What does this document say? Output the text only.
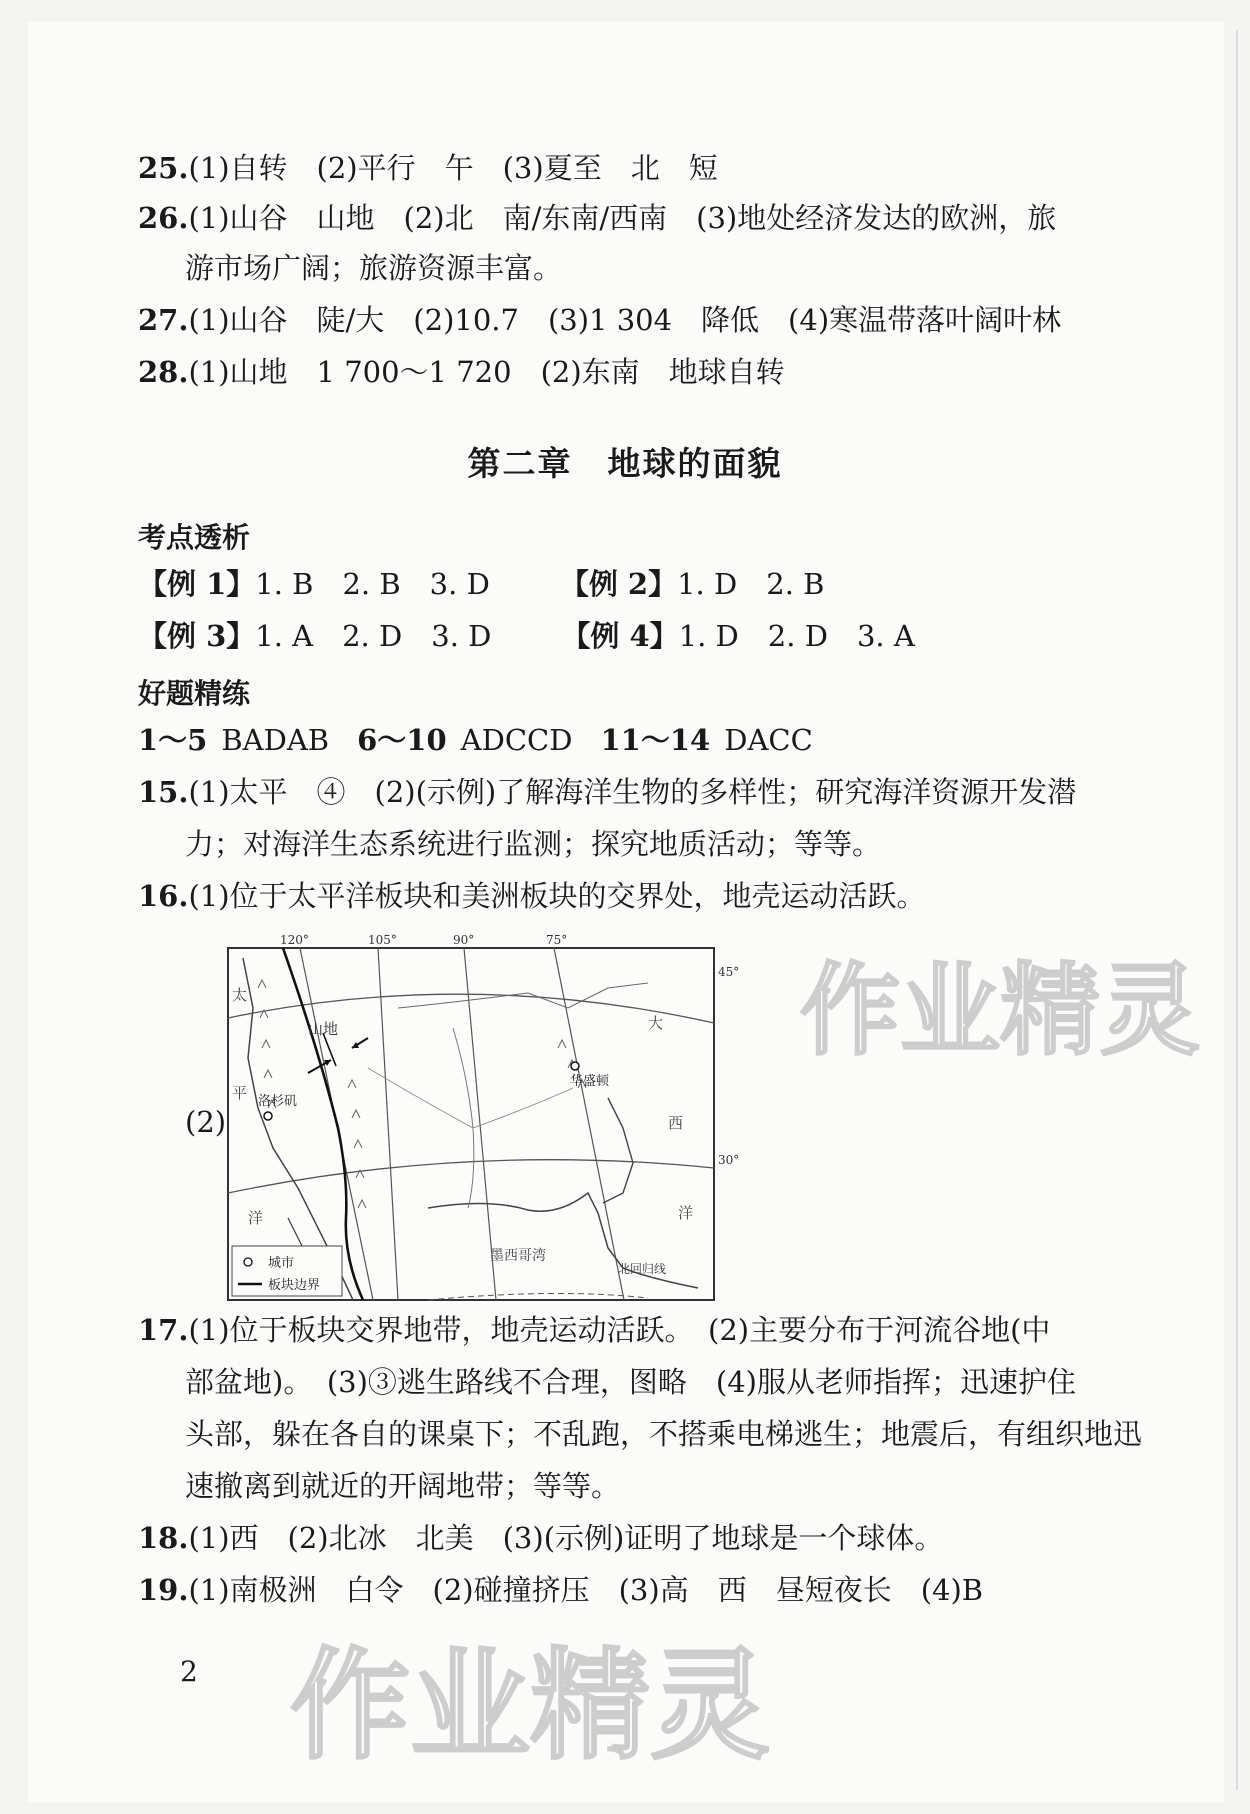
25.(1)自转　(2)平行　午　(3)夏至　北　短
26.(1)山谷　山地　(2)北　南/东南/西南　(3)地处经济发达的欧洲，旅
游市场广阔；旅游资源丰富。
27.(1)山谷　陡/大　(2)10.7　(3)1 304　降低　(4)寒温带落叶阔叶林
28.(1)山地　1 700～1 720　(2)东南　地球自转
第二章　地球的面貌
考点透析
【例 1】1. B　2. B　3. D 【例 2】1. D　2. B
【例 3】1. A　2. D　3. D 【例 4】1. D　2. D　3. A
好题精练
1～5 BADAB 6～10 ADCCD 11～14 DACC
15.(1)太平　④　(2)(示例)了解海洋生物的多样性；研究海洋资源开发潜
力；对海洋生态系统进行监测；探究地质活动；等等。
16.(1)位于太平洋板块和美洲板块的交界处，地壳运动活跃。
(2)
120°	105°	90°	75°
45°
30°
太
平
洋
大
西
洋
墨西哥湾
山地
洛杉矶
华盛顿
北回归线
城市
板块边界
17.(1)位于板块交界地带，地壳运动活跃。　(2)主要分布于河流谷地(中
部盆地)。　(3)③逃生路线不合理，图略　(4)服从老师指挥；迅速护住
头部，躲在各自的课桌下；不乱跑，不搭乘电梯逃生；地震后，有组织地迅
速撤离到就近的开阔地带；等等。
18.(1)西　(2)北冰　北美　(3)(示例)证明了地球是一个球体。
19.(1)南极洲　白令　(2)碰撞挤压　(3)高　西　昼短夜长　(4)B
作业精灵
作业精灵
2
